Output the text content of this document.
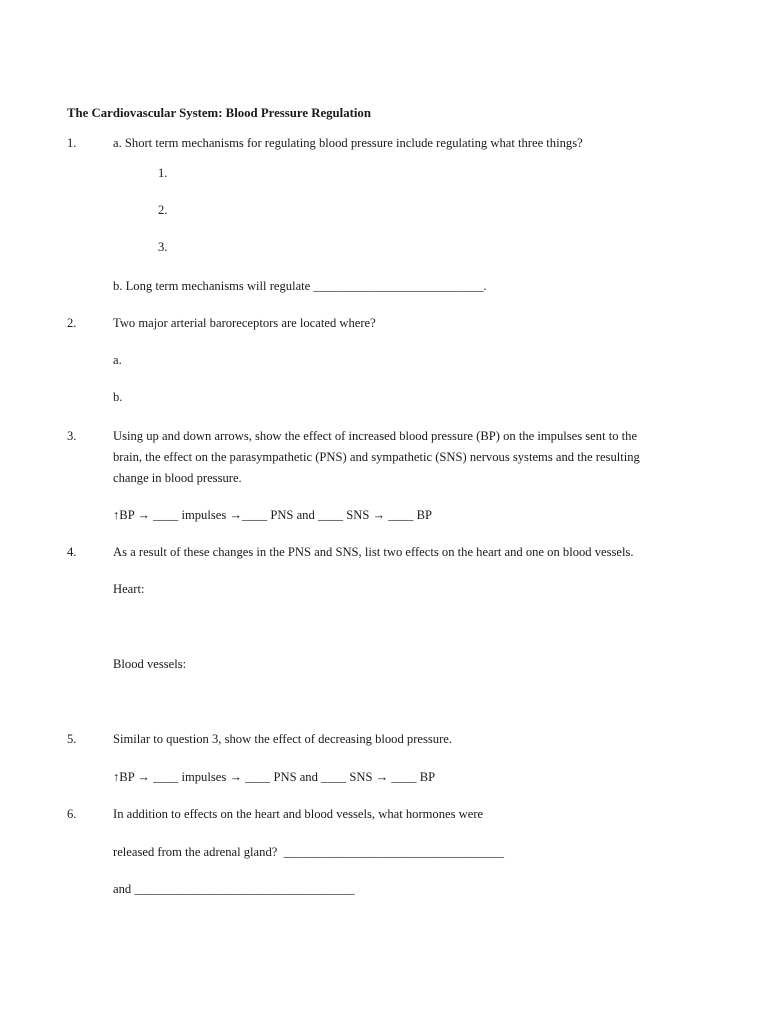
The Cardiovascular System: Blood Pressure Regulation
1.	a. Short term mechanisms for regulating blood pressure include regulating what three things?
1.
2.
3.
b. Long term mechanisms will regulate ___________________________.
2.	Two major arterial baroreceptors are located where?
a.
b.
3.	Using up and down arrows, show the effect of increased blood pressure (BP) on the impulses sent to the
brain, the effect on the parasympathetic (PNS) and sympathetic (SNS) nervous systems and the resulting
change in blood pressure.
↑BP → ____ impulses →____ PNS and ____ SNS → ____ BP
4.	As a result of these changes in the PNS and SNS, list two effects on the heart and one on blood vessels.
Heart:
Blood vessels:
5.	Similar to question 3, show the effect of decreasing blood pressure.
↑BP → ____ impulses → ____ PNS and ____ SNS → ____ BP
6.	In addition to effects on the heart and blood vessels, what hormones were
released from the adrenal gland?  ___________________________________
and ___________________________________
